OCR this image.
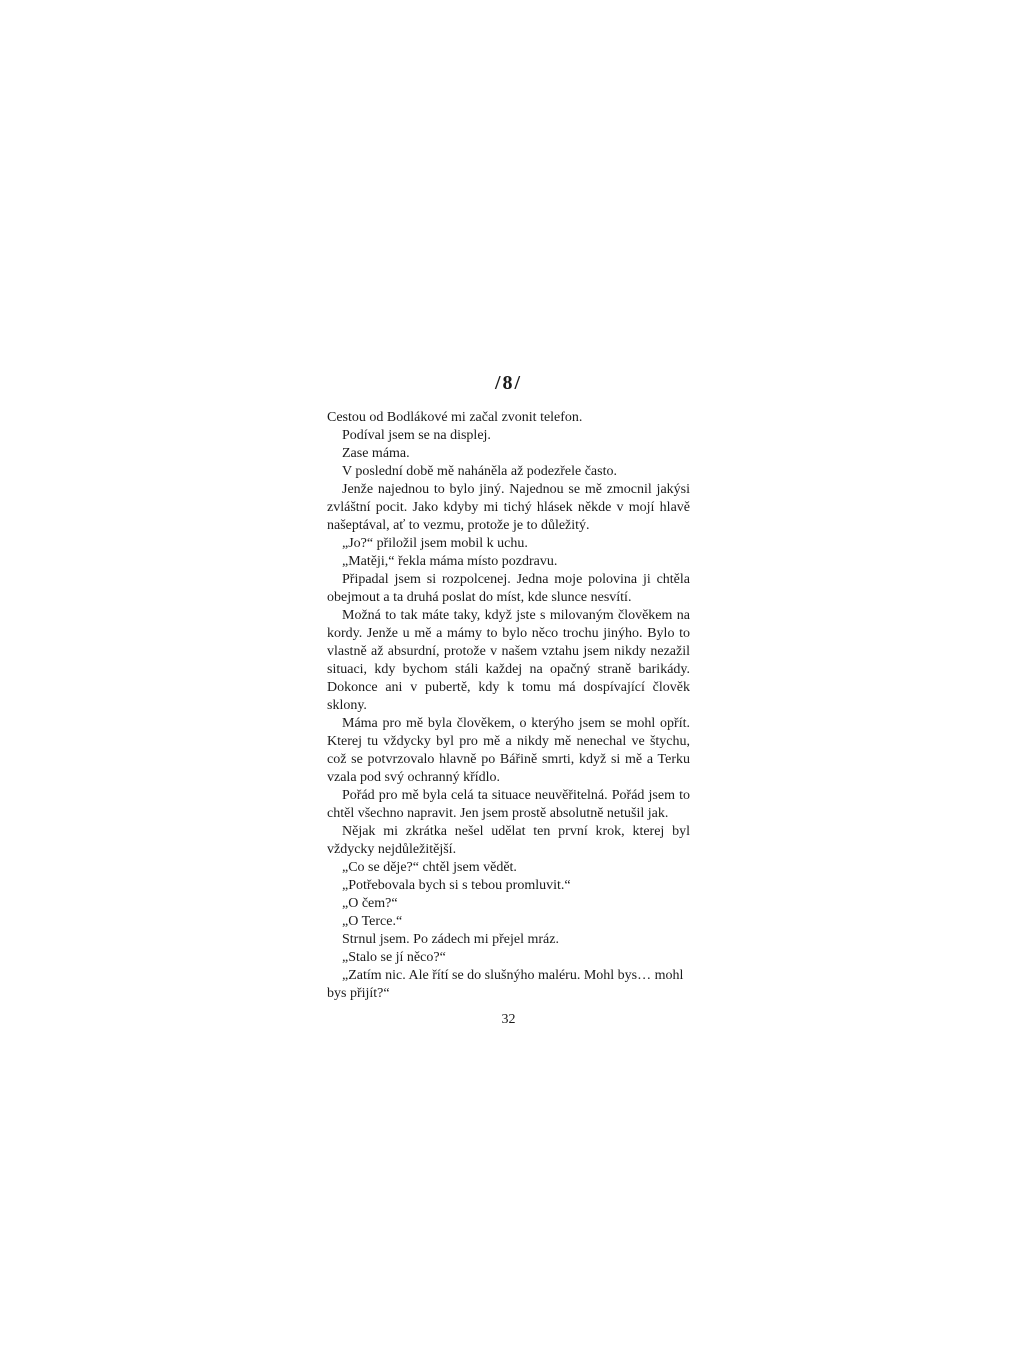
/8/

Cestou od Bodlákové mi začal zvonit telefon.

Podíval jsem se na displej.

Zase máma.

V poslední době mě naháněla až podezřele často.

Jenže najednou to bylo jiný. Najednou se mě zmocnil jakýsi zvláštní pocit. Jako kdyby mi tichý hlásek někde v mojí hlavě našeptával, ať to vezmu, protože je to důležitý.

„Jo?“ přiložil jsem mobil k uchu.

„Matěji,“ řekla máma místo pozdravu.

Připadal jsem si rozpolcenej. Jedna moje polovina ji chtěla obejmout a ta druhá poslat do míst, kde slunce nesvítí.

Možná to tak máte taky, když jste s milovaným člověkem na kordy. Jenže u mě a mámy to bylo něco trochu jinýho. Bylo to vlastně až absurdní, protože v našem vztahu jsem nikdy nezažil situaci, kdy bychom stáli každej na opačný straně barikády. Dokonce ani v pubertě, kdy k tomu má dospívající člověk sklony.

Máma pro mě byla člověkem, o kterýho jsem se mohl opřít. Kterej tu vždycky byl pro mě a nikdy mě nenechal ve štychu, což se potvrzovalo hlavně po Bářině smrti, když si mě a Terku vzala pod svý ochranný křídlo.

Pořád pro mě byla celá ta situace neuvěřitelná. Pořád jsem to chtěl všechno napravit. Jen jsem prostě absolutně netušil jak.

Nějak mi zkrátka nešel udělat ten první krok, kterej byl vždycky nejdůležitější.

„Co se děje?“ chtěl jsem vědět.

„Potřebovala bych si s tebou promluvit.“

„O čem?“

„O Terce.“

Strnul jsem. Po zádech mi přejel mráz.

„Stalo se jí něco?“

„Zatím nic. Ale řítí se do slušnýho maléru. Mohl bys… mohl bys přijít?“

32
